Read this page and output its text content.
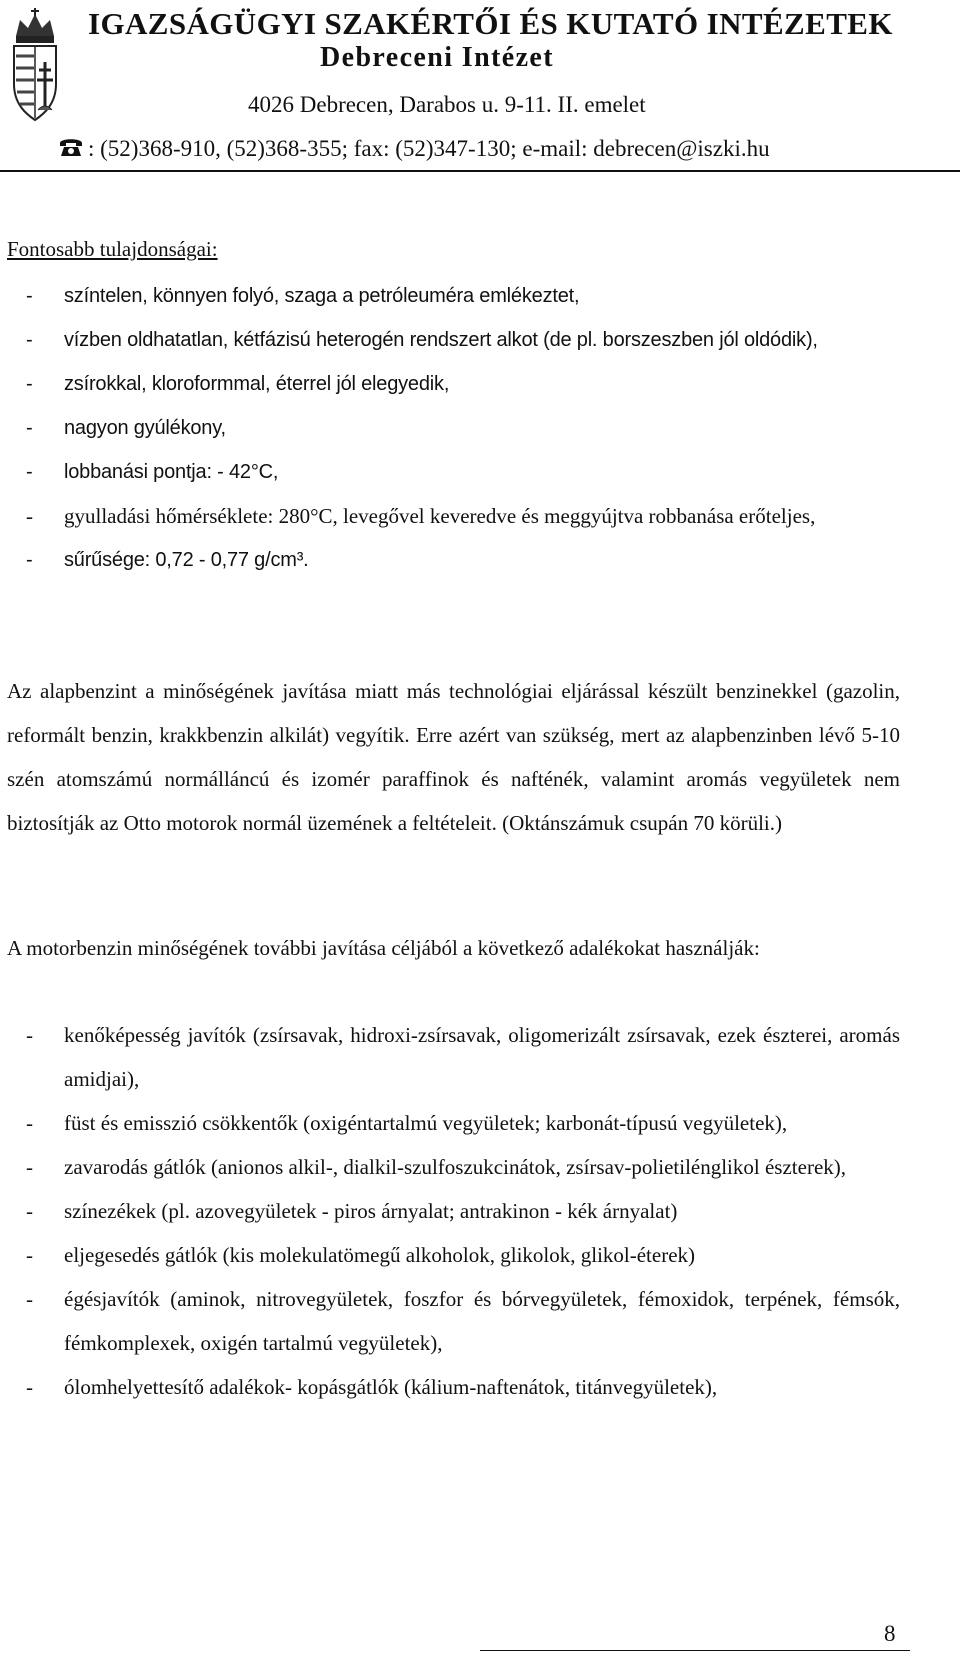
IGAZSÁGÜGYI SZAKÉRTŐI ÉS KUTATÓ INTÉZETEK
Debreceni Intézet
4026 Debrecen, Darabos u. 9-11. II. emelet
: (52)368-910, (52)368-355; fax: (52)347-130; e-mail: debrecen@iszki.hu
Fontosabb tulajdonságai:
- színtelen, könnyen folyó, szaga a petróleuméra emlékeztet,
- vízben oldhatatlan, kétfázisú heterogén rendszert alkot (de pl. borszeszben jól oldódik),
- zsírokkal, kloroformmal, éterrel jól elegyedik,
- nagyon gyúlékony,
- lobbanási pontja: - 42°C,
- gyulladási hőmérséklete: 280°C, levegővel keveredve és meggyújtva robbanása erőteljes,
- sűrűsége: 0,72 - 0,77 g/cm³.

Az alapbenzint a minőségének javítása miatt más technológiai eljárással készült benzinekkel (gazolin, reformált benzin, krakkbenzin alkilát) vegyítik. Erre azért van szükség, mert az alapbenzinben lévő 5-10 szén atomszámú normálláncú és izomér paraffinok és nafténék, valamint aromás vegyületek nem biztosítják az Otto motorok normál üzemének a feltételeit. (Oktánszámuk csupán 70 körüli.)

A motorbenzin minőségének további javítása céljából a következő adalékokat használják:

- kenőképesség javítók (zsírsavak, hidroxi-zsírsavak, oligomerizált zsírsavak, ezek észterei, aromás amidjai),
- füst és emisszió csökkentők (oxigéntartalmú vegyületek; karbonát-típusú vegyületek),
- zavarodás gátlók (anionos alkil-, dialkil-szulfoszukcinátok, zsírsav-polietilénglikol észterek),
- színezékek (pl. azovegyületek - piros árnyalat; antrakinon - kék árnyalat)
- eljegesedés gátlók (kis molekulatömegű alkoholok, glikolok, glikol-éterek)
- égésjavítók (aminok, nitrovegyületek, foszfor és bórvegyületek, fémoxidok, terpének, fémsók, fémkomplexek, oxigén tartalmú vegyületek),
- ólomhelyettesítő adalékok- kopásgátlók (kálium-naftenátok, titánvegyületek),
8
